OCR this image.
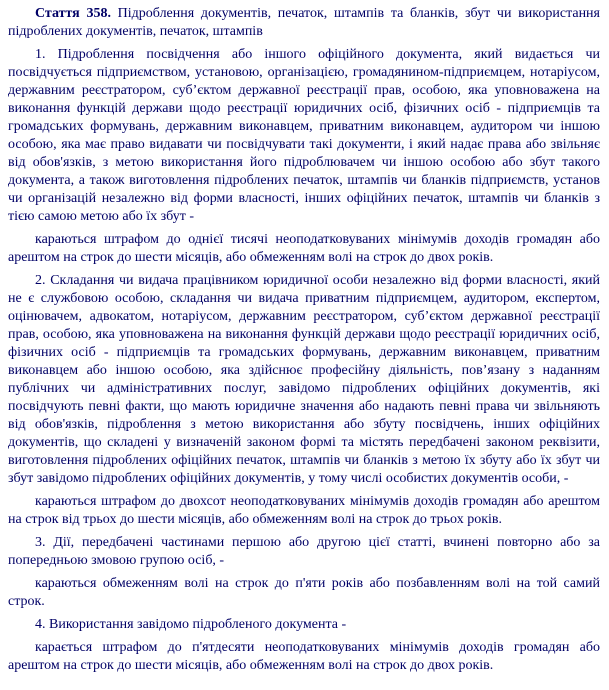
Стаття 358. Підроблення документів, печаток, штампів та бланків, збут чи використання підроблених документів, печаток, штампів

1. Підроблення посвідчення або іншого офіційного документа, який видається чи посвідчується підприємством, установою, організацією, громадянином-підприємцем, нотаріусом, державним реєстратором, суб’єктом державної реєстрації прав, особою, яка уповноважена на виконання функцій держави щодо реєстрації юридичних осіб, фізичних осіб - підприємців та громадських формувань, державним виконавцем, приватним виконавцем, аудитором чи іншою особою, яка має право видавати чи посвідчувати такі документи, і який надає права або звільняє від обов'язків, з метою використання його підроблювачем чи іншою особою або збут такого документа, а також виготовлення підроблених печаток, штампів чи бланків підприємств, установ чи організацій незалежно від форми власності, інших офіційних печаток, штампів чи бланків з тією самою метою або їх збут -

караються штрафом до однієї тисячі неоподатковуваних мінімумів доходів громадян або арештом на строк до шести місяців, або обмеженням волі на строк до двох років.

2. Складання чи видача працівником юридичної особи незалежно від форми власності, який не є службовою особою, складання чи видача приватним підприємцем, аудитором, експертом, оцінювачем, адвокатом, нотаріусом, державним реєстратором, суб’єктом державної реєстрації прав, особою, яка уповноважена на виконання функцій держави щодо реєстрації юридичних осіб, фізичних осіб - підприємців та громадських формувань, державним виконавцем, приватним виконавцем або іншою особою, яка здійснює професійну діяльність, пов’язану з наданням публічних чи адміністративних послуг, завідомо підроблених офіційних документів, які посвідчують певні факти, що мають юридичне значення або надають певні права чи звільняють від обов'язків, підроблення з метою використання або збуту посвідчень, інших офіційних документів, що складені у визначеній законом формі та містять передбачені законом реквізити, виготовлення підроблених офіційних печаток, штампів чи бланків з метою їх збуту або їх збут чи збут завідомо підроблених офіційних документів, у тому числі особистих документів особи, -

караються штрафом до двохсот неоподатковуваних мінімумів доходів громадян або арештом на строк від трьох до шести місяців, або обмеженням волі на строк до трьох років.

3. Дії, передбачені частинами першою або другою цієї статті, вчинені повторно або за попередньою змовою групою осіб, -

караються обмеженням волі на строк до п'яти років або позбавленням волі на той самий строк.

4. Використання завідомо підробленого документа -

карається штрафом до п'ятдесяти неоподатковуваних мінімумів доходів громадян або арештом на строк до шести місяців, або обмеженням волі на строк до двох років.
